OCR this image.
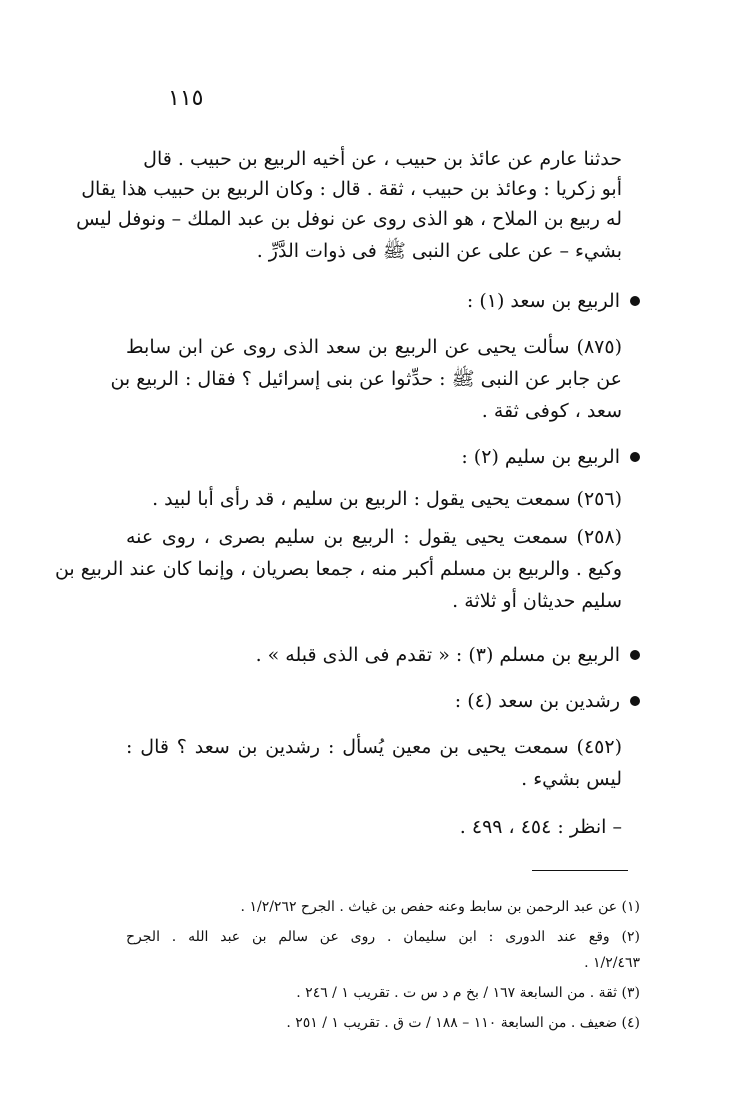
١١٥
حدثنا عارم عن عائذ بن حبيب ، عن أخيه الربيع بن حبيب . قال
أبو زكريا : وعائذ بن حبيب ، ثقة . قال : وكان الربيع بن حبيب هذا يقال
له ربيع بن الملاح ، هو الذى روى عن نوفل بن عبد الملك – ونوفل ليس
بشيء – عن على عن النبى ﷺ فى ذوات الدَّرِّ .
الربيع بن سعد (١) :
(٨٧٥) سألت يحيى عن الربيع بن سعد الذى روى عن ابن سابط
عن جابر عن النبى ﷺ : حدِّثوا عن بنى إسرائيل ؟ فقال : الربيع بن
سعد ، كوفى ثقة .
الربيع بن سليم (٢) :
(٢٥٦) سمعت يحيى يقول : الربيع بن سليم ، قد رأى أبا لبيد .
(٢٥٨) سمعت يحيى يقول : الربيع بن سليم بصرى ، روى عنه
وكيع . والربيع بن مسلم أكبر منه ، جمعا بصريان ، وإنما كان عند الربيع بن
سليم حديثان أو ثلاثة .
الربيع بن مسلم (٣) : « تقدم فى الذى قبله » .
رشدين بن سعد (٤) :
(٤٥٢) سمعت يحيى بن معين يُسأل : رشدين بن سعد ؟ قال :
ليس بشيء .
– انظر : ٤٥٤ ، ٤٩٩ .
(١) عن عبد الرحمن بن سابط وعنه حفص بن غياث . الجرح ١/٢/٢٦٢ .
(٢) وقع عند الدورى : ابن سليمان . روى عن سالم بن عبد الله . الجرح
١/٢/٤٦٣ .
(٣) ثقة . من السابعة ١٦٧ / بخ م د س ت . تقريب ١ / ٢٤٦ .
(٤) ضعيف . من السابعة ١١٠ – ١٨٨ / ت ق . تقريب ١ / ٢٥١ .
